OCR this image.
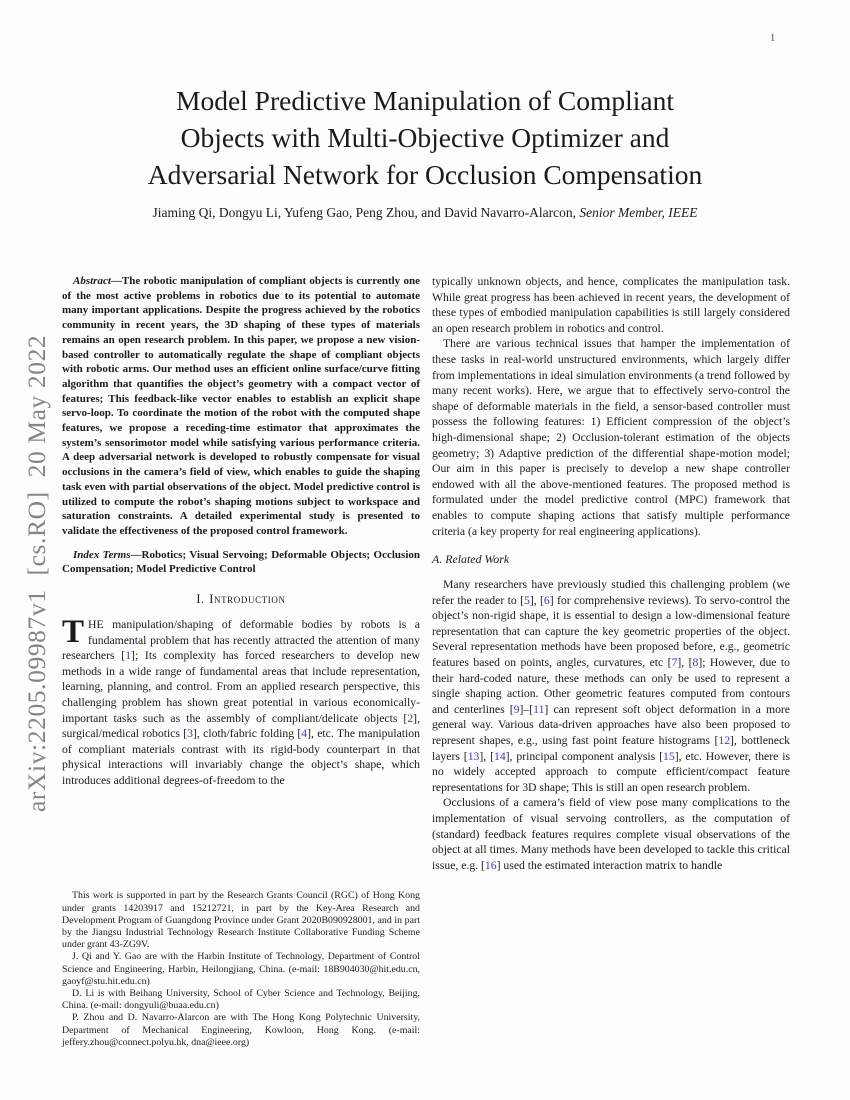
1
arXiv:2205.09987v1  [cs.RO]  20 May 2022
Model Predictive Manipulation of Compliant
Objects with Multi-Objective Optimizer and
Adversarial Network for Occlusion Compensation
Jiaming Qi, Dongyu Li, Yufeng Gao, Peng Zhou, and David Navarro-Alarcon, Senior Member, IEEE

Abstract—The robotic manipulation of compliant objects is currently one of the most active problems in robotics due to its potential to automate many important applications. Despite the progress achieved by the robotics community in recent years, the 3D shaping of these types of materials remains an open research problem. In this paper, we propose a new vision-based controller to automatically regulate the shape of compliant objects with robotic arms. Our method uses an efficient online surface/curve fitting algorithm that quantifies the object’s geometry with a compact vector of features; This feedback-like vector enables to establish an explicit shape servo-loop. To coordinate the motion of the robot with the computed shape features, we propose a receding-time estimator that approximates the system’s sensorimotor model while satisfying various performance criteria. A deep adversarial network is developed to robustly compensate for visual occlusions in the camera’s field of view, which enables to guide the shaping task even with partial observations of the object. Model predictive control is utilized to compute the robot’s shaping motions subject to workspace and saturation constraints. A detailed experimental study is presented to validate the effectiveness of the proposed control framework.

Index Terms—Robotics; Visual Servoing; Deformable Objects; Occlusion Compensation; Model Predictive Control

I. Introduction

THE manipulation/shaping of deformable bodies by robots is a fundamental problem that has recently attracted the attention of many researchers [1]; Its complexity has forced researchers to develop new methods in a wide range of fundamental areas that include representation, learning, planning, and control. From an applied research perspective, this challenging problem has shown great potential in various economically-important tasks such as the assembly of compliant/delicate objects [2], surgical/medical robotics [3], cloth/fabric folding [4], etc. The manipulation of compliant materials contrast with its rigid-body counterpart in that physical interactions will invariably change the object’s shape, which introduces additional degrees-of-freedom to the

This work is supported in part by the Research Grants Council (RGC) of Hong Kong under grants 14203917 and 15212721, in part by the Key-Area Research and Development Program of Guangdong Province under Grant 2020B090928001, and in part by the Jiangsu Industrial Technology Research Institute Collaborative Funding Scheme under grant 43-ZG9V.

J. Qi and Y. Gao are with the Harbin Institute of Technology, Department of Control Science and Engineering, Harbin, Heilongjiang, China. (e-mail: 18B904030@hit.edu.cn, gaoyf@stu.hit.edu.cn)

D. Li is with Beihang University, School of Cyber Science and Technology, Beijing, China. (e-mail: dongyuli@buaa.edu.cn)

P. Zhou and D. Navarro-Alarcon are with The Hong Kong Polytechnic University, Department of Mechanical Engineering, Kowloon, Hong Kong. (e-mail: jeffery.zhou@connect.polyu.hk, dna@ieee.org)

typically unknown objects, and hence, complicates the manipulation task. While great progress has been achieved in recent years, the development of these types of embodied manipulation capabilities is still largely considered an open research problem in robotics and control.

There are various technical issues that hamper the implementation of these tasks in real-world unstructured environments, which largely differ from implementations in ideal simulation environments (a trend followed by many recent works). Here, we argue that to effectively servo-control the shape of deformable materials in the field, a sensor-based controller must possess the following features: 1) Efficient compression of the object’s high-dimensional shape; 2) Occlusion-tolerant estimation of the objects geometry; 3) Adaptive prediction of the differential shape-motion model; Our aim in this paper is precisely to develop a new shape controller endowed with all the above-mentioned features. The proposed method is formulated under the model predictive control (MPC) framework that enables to compute shaping actions that satisfy multiple performance criteria (a key property for real engineering applications).

A. Related Work

Many researchers have previously studied this challenging problem (we refer the reader to [5], [6] for comprehensive reviews). To servo-control the object’s non-rigid shape, it is essential to design a low-dimensional feature representation that can capture the key geometric properties of the object. Several representation methods have been proposed before, e.g., geometric features based on points, angles, curvatures, etc [7], [8]; However, due to their hard-coded nature, these methods can only be used to represent a single shaping action. Other geometric features computed from contours and centerlines [9]–[11] can represent soft object deformation in a more general way. Various data-driven approaches have also been proposed to represent shapes, e.g., using fast point feature histograms [12], bottleneck layers [13], [14], principal component analysis [15], etc. However, there is no widely accepted approach to compute efficient/compact feature representations for 3D shape; This is still an open research problem.

Occlusions of a camera’s field of view pose many complications to the implementation of visual servoing controllers, as the computation of (standard) feedback features requires complete visual observations of the object at all times. Many methods have been developed to tackle this critical issue, e.g. [16] used the estimated interaction matrix to handle
